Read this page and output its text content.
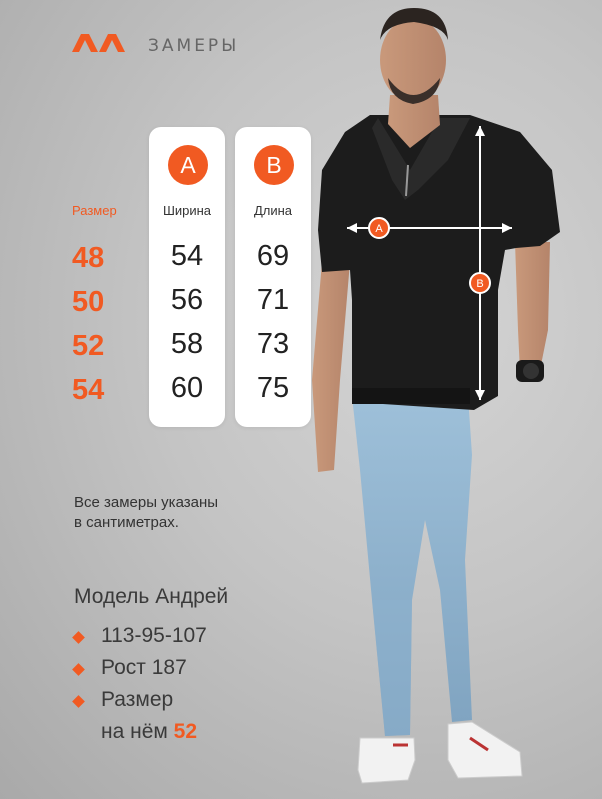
ЗАМЕРЫ
Размер
48
50
52
54
A
Ширина
54
56
58
60
B
Длина
69
71
73
75
Все замеры указаны
в сантиметрах.
Модель Андрей
113-95-107
Рост 187
Размер
на нём 52
A
B
